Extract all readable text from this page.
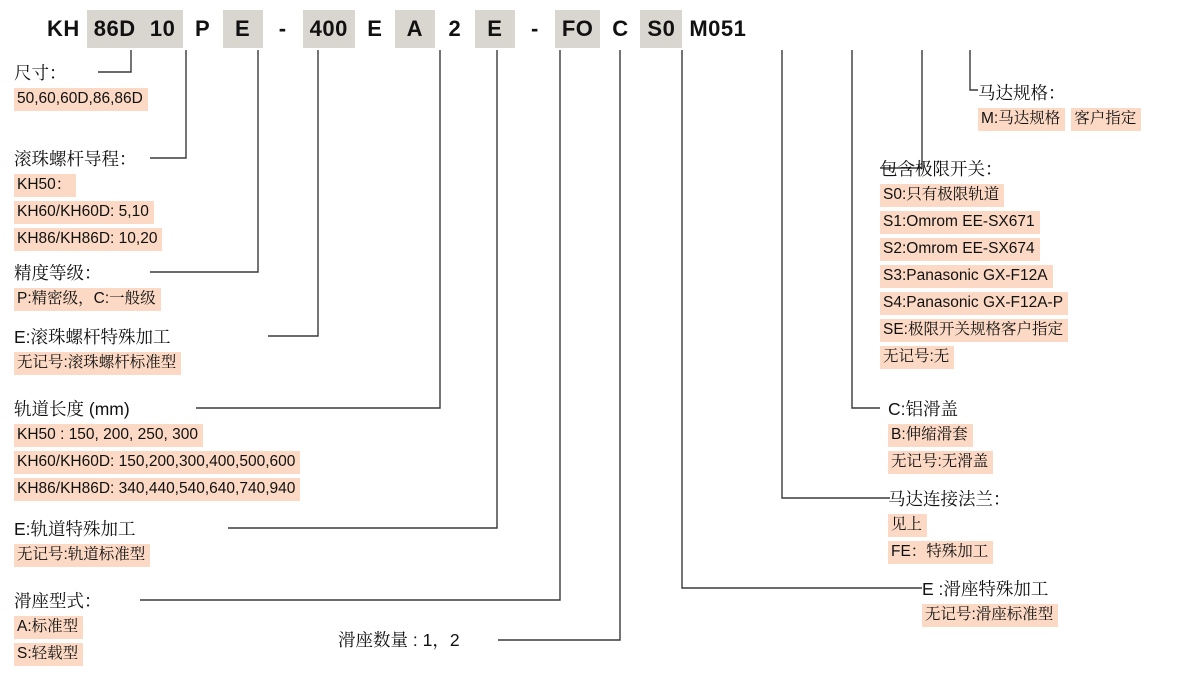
KH 86D 10 P	E	-	400 E	A	2	E	-	FO C S0 M051
尺寸：
50,60,60D,86,86D
滚珠螺杆导程：
KH50：
KH60/KH60D: 5,10
KH86/KH86D: 10,20
精度等级：
P:精密级，C:一般级
E:滚珠螺杆特殊加工
无记号:滚珠螺杆标准型
轨道长度 (mm)
KH50 : 150, 200, 250, 300
KH60/KH60D: 150,200,300,400,500,600
KH86/KH86D: 340,440,540,640,740,940
E:轨道特殊加工
无记号:轨道标准型
滑座型式：
A:标准型
S:轻载型
滑座数量 : 1，2
马达规格：
M:马达规格 客户指定
包含极限开关：
S0:只有极限轨道
S1:Omrom EE-SX671
S2:Omrom EE-SX674
S3:Panasonic GX-F12A
S4:Panasonic GX-F12A-P
SE:极限开关规格客户指定
无记号:无
C:铝滑盖
B:伸缩滑套
无记号:无滑盖
马达连接法兰：
见上
FE：特殊加工
E :滑座特殊加工
无记号:滑座标准型
